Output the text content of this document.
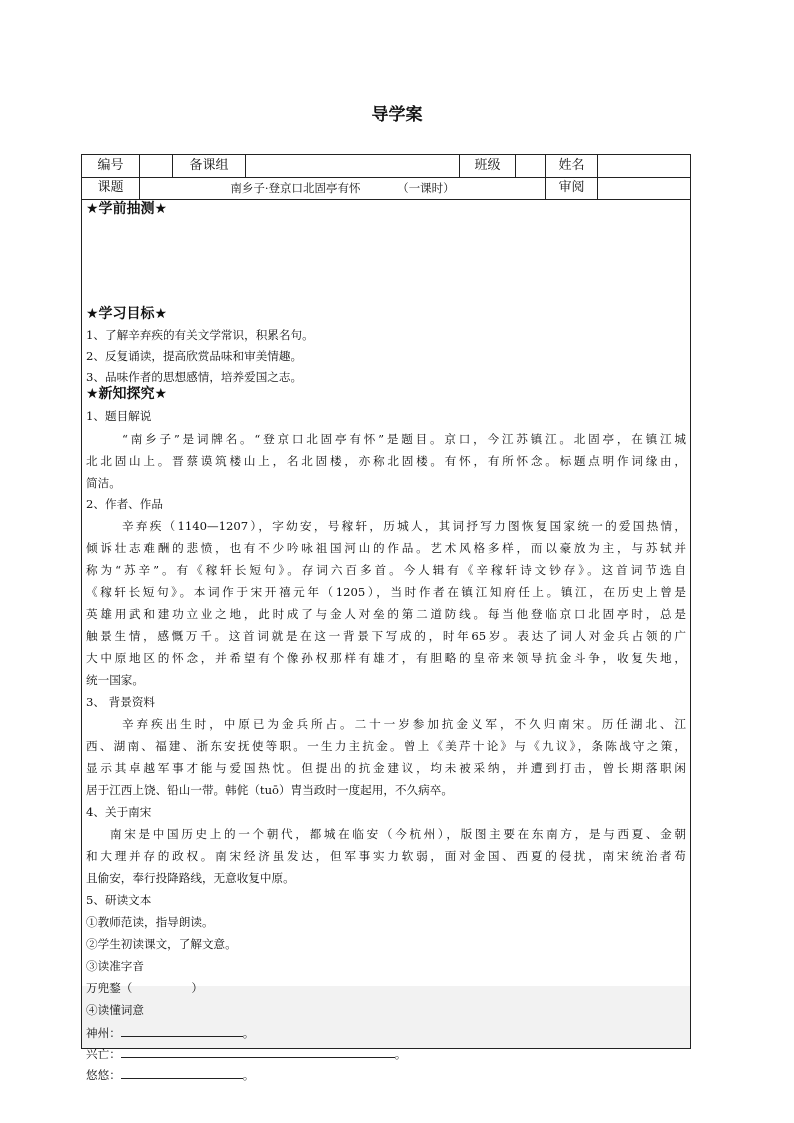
导学案
编号	备课组	班级	姓名
课题	南乡子·登京口北固亭有怀          （一课时）	审阅
★学前抽测★
★学习目标★
1、了解辛弃疾的有关文学常识，积累名句。
2、反复诵读，提高欣赏品味和审美情趣。
3、品味作者的思想感情，培养爱国之志。
★新知探究★
1、题目解说
“南乡子”是词牌名。“登京口北固亭有怀”是题目。京口，今江苏镇江。北固亭，在镇江城
北北固山上。晋蔡谟筑楼山上，名北固楼，亦称北固楼。有怀，有所怀念。标题点明作词缘由，
简洁。
2、作者、作品
辛弃疾（1140—1207），字幼安，号稼轩，历城人，其词抒写力图恢复国家统一的爱国热情，
倾诉壮志难酬的悲愤，也有不少吟咏祖国河山的作品。艺术风格多样，而以豪放为主，与苏轼并
称为“苏辛”。有《稼轩长短句》。存词六百多首。今人辑有《辛稼轩诗文钞存》。这首词节选自
《稼轩长短句》。本词作于宋开禧元年（1205），当时作者在镇江知府任上。镇江，在历史上曾是
英雄用武和建功立业之地，此时成了与金人对垒的第二道防线。每当他登临京口北固亭时，总是
触景生情，感慨万千。这首词就是在这一背景下写成的，时年65岁。表达了词人对金兵占领的广
大中原地区的怀念，并希望有个像孙权那样有雄才，有胆略的皇帝来领导抗金斗争，收复失地，
统一国家。
3、 背景资料
辛弃疾出生时，中原已为金兵所占。二十一岁参加抗金义军，不久归南宋。历任湖北、江
西、湖南、福建、浙东安抚使等职。一生力主抗金。曾上《美芹十论》与《九议》，条陈战守之策，
显示其卓越军事才能与爱国热忱。但提出的抗金建议，均未被采纳，并遭到打击，曾长期落职闲
居于江西上饶、铅山一带。韩侂（tuō）胄当政时一度起用，不久病卒。
4、关于南宋
南宋是中国历史上的一个朝代，都城在临安（今杭州），版图主要在东南方，是与西夏、金朝
和大理并存的政权。南宋经济虽发达，但军事实力软弱，面对金国、西夏的侵扰，南宋统治者苟
且偷安，奉行投降路线，无意收复中原。
5、研读文本
①教师范读，指导朗读。
②学生初读课文，了解文意。
③读准字音
万兜鍪（                ）
④读懂词意
神州：	。
兴亡：	。
悠悠：	。
